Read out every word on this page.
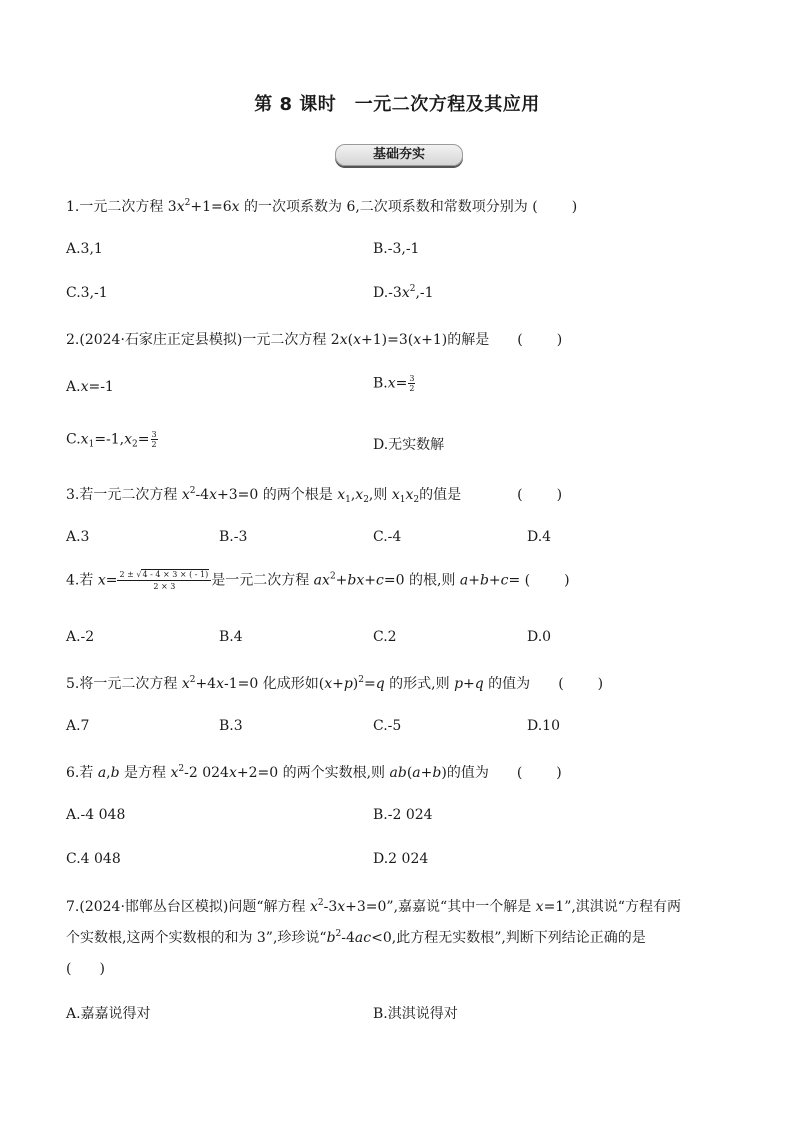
第 8 课时　一元二次方程及其应用
基础夯实
1.一元二次方程 $3x^2+1=6x$ 的一次项系数为 6,二次项系数和常数项分别为 ( )
A.3,1	B.-3,-1
C.3,-1	$D.-3x^2,-1$
2.(2024·石家庄正定县模拟)一元二次方程 2x(x+1)=3(x+1)的解是　　 ( )
A.x=-1	$B.x= \frac{3}{2}$
$C.x_1=-1,x_2= \frac{3}{2}$	D.无实数解
3.若一元二次方程 $x^2-4x+3=0$ 的两个根是 $x_1,x_2$,则 $x_1x_2$的值是　　　　	( )
A.3	B.-3	C.-4	D.4
4.若 $x= \frac{2 \pm √4 - 4 \times 3 \times ( - 1)}{2 \times 3}$ 是一元二次方程 $ax^2+bx+c=0$ 的根,则 a+b+c= ( )
A.-2	B.4	C.2	D.0
5.将一元二次方程 $x^2+4x-1=0$ 化成形如$(x+p)^2=q$ 的形式,则 p+q 的值为　　 ( )
A.7	B.3	C.-5	D.10
6.若 a,b 是方程 $x^2-2$ 024x+2=0 的两个实数根,则 ab(a+b)的值为　　 ( )
A.-4 048	B.-2 024
C.4 048	D.2 024
7.(2024·邯郸丛台区模拟)问题“解方程 $x^2-3x+3=0$”,嘉嘉说“其中一个解是 x=1”,淇淇说“方程有两
个实数根,这两个实数根的和为 3”,珍珍说“$b^2-4ac<0$,此方程无实数根”,判断下列结论正确的是
(　　)
A.嘉嘉说得对	B.淇淇说得对
